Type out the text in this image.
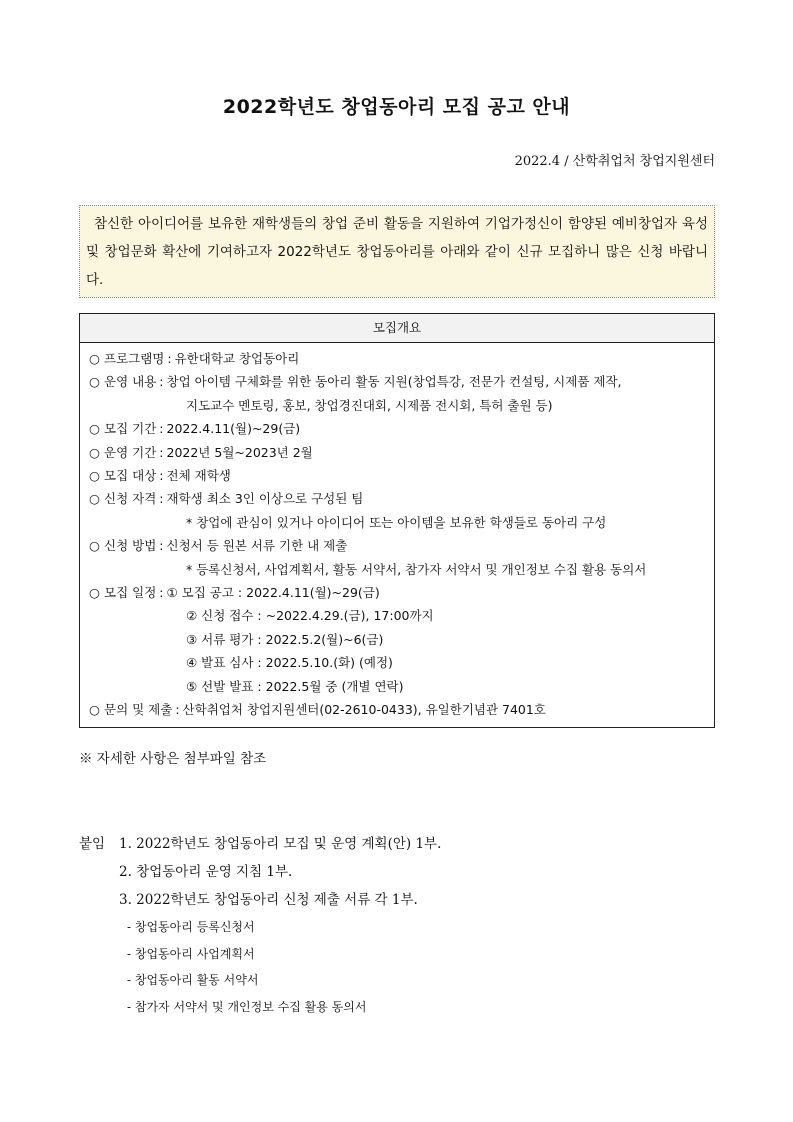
2022학년도 창업동아리 모집 공고 안내
2022.4 / 산학취업처 창업지원센터
참신한 아이디어를 보유한 재학생들의 창업 준비 활동을 지원하여 기업가정신이 함양된 예비창업자 육성 및 창업문화 확산에 기여하고자 2022학년도 창업동아리를 아래와 같이 신규 모집하니 많은 신청 바랍니다.
모집개요
○ 프로그램명 : 유한대학교 창업동아리
○ 운영 내용 : 창업 아이템 구체화를 위한 동아리 활동 지원(창업특강, 전문가 컨설팅, 시제품 제작,
지도교수 멘토링, 홍보, 창업경진대회, 시제품 전시회, 특허 출원 등)
○ 모집 기간 : 2022.4.11(월)~29(금)
○ 운영 기간 : 2022년 5월~2023년 2월
○ 모집 대상 : 전체 재학생
○ 신청 자격 : 재학생 최소 3인 이상으로 구성된 팀
* 창업에 관심이 있거나 아이디어 또는 아이템을 보유한 학생들로 동아리 구성
○ 신청 방법 : 신청서 등 원본 서류 기한 내 제출
* 등록신청서, 사업계획서, 활동 서약서, 참가자 서약서 및 개인정보 수집 활용 동의서
○ 모집 일정 : ① 모집 공고 : 2022.4.11(월)~29(금)
② 신청 접수 : ~2022.4.29.(금), 17:00까지
③ 서류 평가 : 2022.5.2(월)~6(금)
④ 발표 심사 : 2022.5.10.(화) (예정)
⑤ 선발 발표 : 2022.5월 중 (개별 연락)
○ 문의 및 제출 : 산학취업처 창업지원센터(02-2610-0433), 유일한기념관 7401호
※ 자세한 사항은 첨부파일 참조
붙임	1. 2022학년도 창업동아리 모집 및 운영 계획(안) 1부.
2. 창업동아리 운영 지침 1부.
3. 2022학년도 창업동아리 신청 제출 서류 각 1부.
- 창업동아리 등록신청서
- 창업동아리 사업계획서
- 창업동아리 활동 서약서
- 참가자 서약서 및 개인정보 수집 활용 동의서
